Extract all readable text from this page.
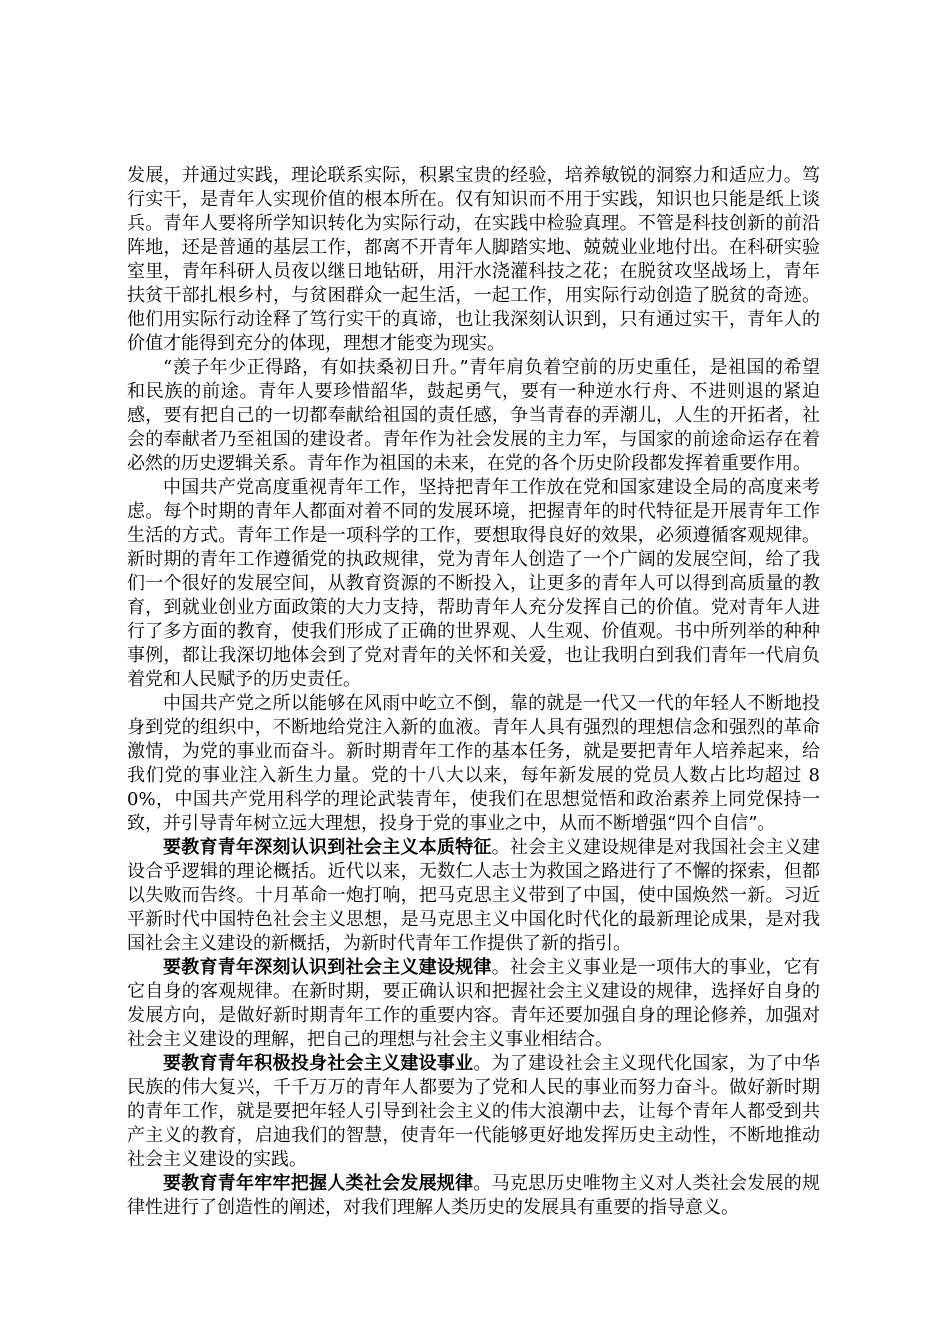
发展，并通过实践，理论联系实际，积累宝贵的经验，培养敏锐的洞察力和适应力。笃行实干，是青年人实现价值的根本所在。仅有知识而不用于实践，知识也只能是纸上谈兵。青年人要将所学知识转化为实际行动，在实践中检验真理。不管是科技创新的前沿阵地，还是普通的基层工作，都离不开青年人脚踏实地、兢兢业业地付出。在科研实验室里，青年科研人员夜以继日地钻研，用汗水浇灌科技之花；在脱贫攻坚战场上，青年扶贫干部扎根乡村，与贫困群众一起生活，一起工作，用实际行动创造了脱贫的奇迹。他们用实际行动诠释了笃行实干的真谛，也让我深刻认识到，只有通过实干，青年人的价值才能得到充分的体现，理想才能变为现实。

“羡子年少正得路，有如扶桑初日升。”青年肩负着空前的历史重任，是祖国的希望和民族的前途。青年人要珍惜韶华，鼓起勇气，要有一种逆水行舟、不进则退的紧迫感，要有把自己的一切都奉献给祖国的责任感，争当青春的弄潮儿，人生的开拓者，社会的奉献者乃至祖国的建设者。青年作为社会发展的主力军，与国家的前途命运存在着必然的历史逻辑关系。青年作为祖国的未来，在党的各个历史阶段都发挥着重要作用。

中国共产党高度重视青年工作，坚持把青年工作放在党和国家建设全局的高度来考虑。每个时期的青年人都面对着不同的发展环境，把握青年的时代特征是开展青年工作生活的方式。青年工作是一项科学的工作，要想取得良好的效果，必须遵循客观规律。新时期的青年工作遵循党的执政规律，党为青年人创造了一个广阔的发展空间，给了我们一个很好的发展空间，从教育资源的不断投入，让更多的青年人可以得到高质量的教育，到就业创业方面政策的大力支持，帮助青年人充分发挥自己的价值。党对青年人进行了多方面的教育，使我们形成了正确的世界观、人生观、价值观。书中所列举的种种事例，都让我深切地体会到了党对青年的关怀和关爱，也让我明白到我们青年一代肩负着党和人民赋予的历史责任。

中国共产党之所以能够在风雨中屹立不倒，靠的就是一代又一代的年轻人不断地投身到党的组织中，不断地给党注入新的血液。青年人具有强烈的理想信念和强烈的革命激情，为党的事业而奋斗。新时期青年工作的基本任务，就是要把青年人培养起来，给我们党的事业注入新生力量。党的十八大以来，每年新发展的党员人数占比均超过 80%，中国共产党用科学的理论武装青年，使我们在思想觉悟和政治素养上同党保持一致，并引导青年树立远大理想，投身于党的事业之中，从而不断增强“四个自信”。

要教育青年深刻认识到社会主义本质特征。社会主义建设规律是对我国社会主义建设合乎逻辑的理论概括。近代以来，无数仁人志士为救国之路进行了不懈的探索，但都以失败而告终。十月革命一炮打响，把马克思主义带到了中国，使中国焕然一新。习近平新时代中国特色社会主义思想，是马克思主义中国化时代化的最新理论成果，是对我国社会主义建设的新概括，为新时代青年工作提供了新的指引。

要教育青年深刻认识到社会主义建设规律。社会主义事业是一项伟大的事业，它有它自身的客观规律。在新时期，要正确认识和把握社会主义建设的规律，选择好自身的发展方向，是做好新时期青年工作的重要内容。青年还要加强自身的理论修养，加强对社会主义建设的理解，把自己的理想与社会主义事业相结合。

要教育青年积极投身社会主义建设事业。为了建设社会主义现代化国家，为了中华民族的伟大复兴，千千万万的青年人都要为了党和人民的事业而努力奋斗。做好新时期的青年工作，就是要把年轻人引导到社会主义的伟大浪潮中去，让每个青年人都受到共产主义的教育，启迪我们的智慧，使青年一代能够更好地发挥历史主动性，不断地推动社会主义建设的实践。

要教育青年牢牢把握人类社会发展规律。马克思历史唯物主义对人类社会发展的规律性进行了创造性的阐述，对我们理解人类历史的发展具有重要的指导意义。
